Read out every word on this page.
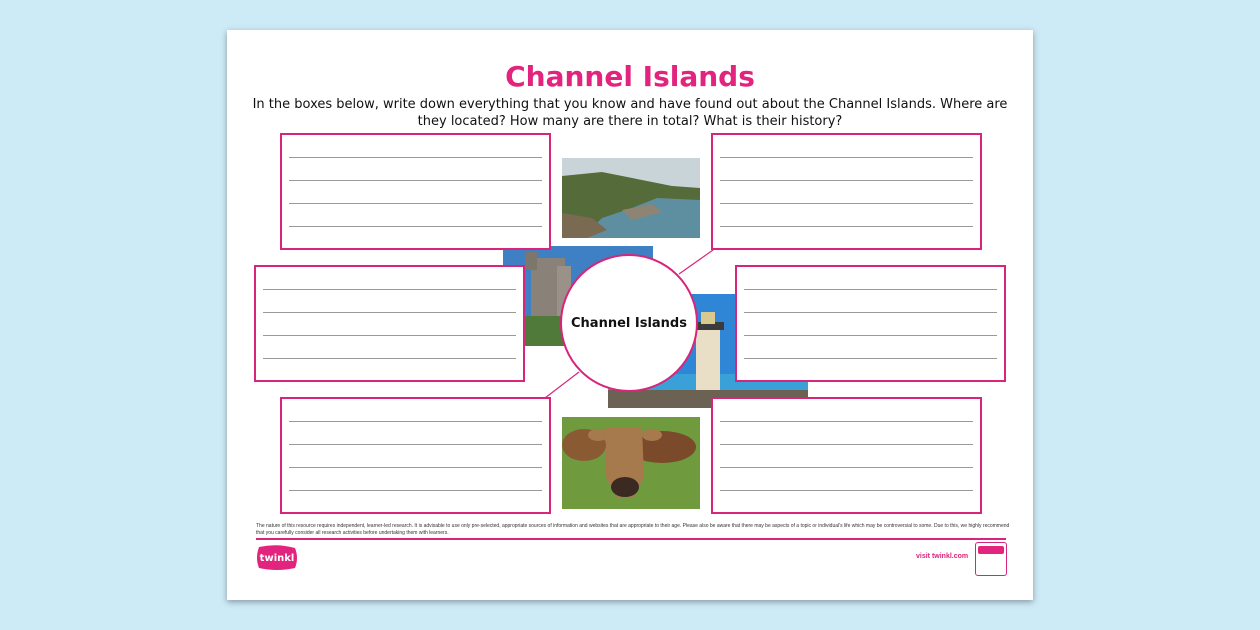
Channel Islands
In the boxes below, write down everything that you know and have found out about the Channel Islands. Where are they located? How many are there in total? What is their history?
Channel Islands
The nature of this resource requires independent, learner-led research. It is advisable to use only pre-selected, appropriate sources of information and websites that are appropriate to their age. Please also be aware that there may be aspects of a topic or individual's life which may be controversial to some. Due to this, we highly recommend that you carefully consider all research activities before undertaking them with learners.
twinkl	visit twinkl.com
